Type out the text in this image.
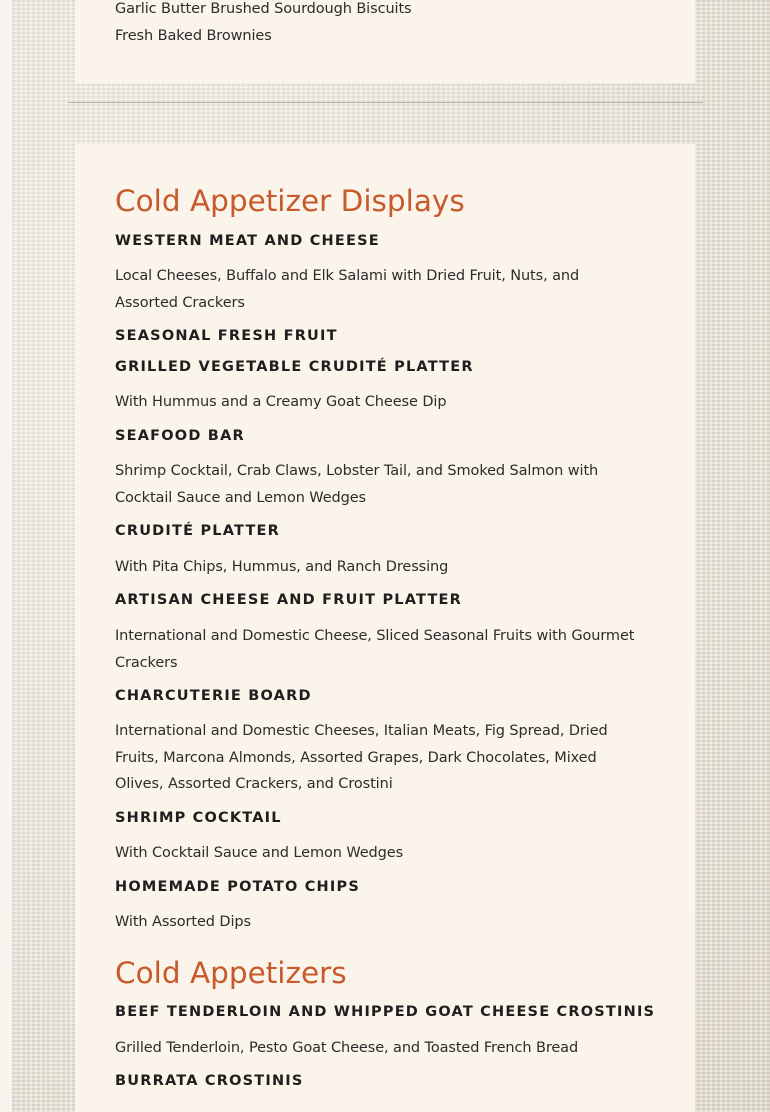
Garlic Butter Brushed Sourdough Biscuits
Fresh Baked Brownies
Cold Appetizer Displays
WESTERN MEAT AND CHEESE
Local Cheeses, Buffalo and Elk Salami with Dried Fruit, Nuts, and Assorted Crackers
SEASONAL FRESH FRUIT
GRILLED VEGETABLE CRUDITÉ PLATTER
With Hummus and a Creamy Goat Cheese Dip
SEAFOOD BAR
Shrimp Cocktail, Crab Claws, Lobster Tail, and Smoked Salmon with Cocktail Sauce and Lemon Wedges
CRUDITÉ PLATTER
With Pita Chips, Hummus, and Ranch Dressing
ARTISAN CHEESE AND FRUIT PLATTER
International and Domestic Cheese, Sliced Seasonal Fruits with Gourmet Crackers
CHARCUTERIE BOARD
International and Domestic Cheeses, Italian Meats, Fig Spread, Dried Fruits, Marcona Almonds, Assorted Grapes, Dark Chocolates, Mixed Olives, Assorted Crackers, and Crostini
SHRIMP COCKTAIL
With Cocktail Sauce and Lemon Wedges
HOMEMADE POTATO CHIPS
With Assorted Dips
Cold Appetizers
BEEF TENDERLOIN AND WHIPPED GOAT CHEESE CROSTINIS
Grilled Tenderloin, Pesto Goat Cheese, and Toasted French Bread
BURRATA CROSTINIS
